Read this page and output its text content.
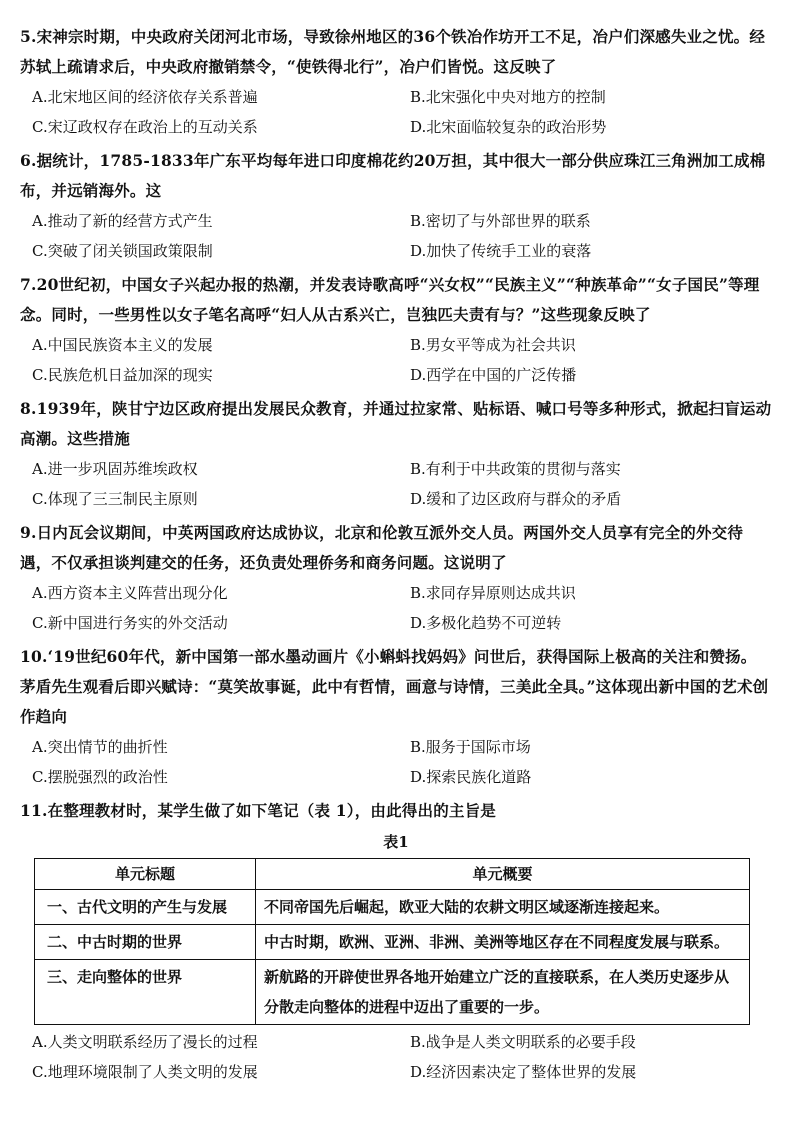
5.宋神宗时期，中央政府关闭河北市场，导致徐州地区的36个铁冶作坊开工不足，冶户们深感失业之忧。经苏轼上疏请求后，中央政府撤销禁令，“使铁得北行”，冶户们皆悦。这反映了
A.北宋地区间的经济依存关系普遍	B.北宋强化中央对地方的控制
C.宋辽政权存在政治上的互动关系	D.北宋面临较复杂的政治形势
6.据统计，1785-1833年广东平均每年进口印度棉花约20万担，其中很大一部分供应珠江三角洲加工成棉布，并远销海外。这
A.推动了新的经营方式产生	B.密切了与外部世界的联系
C.突破了闭关锁国政策限制	D.加快了传统手工业的衰落
7.20世纪初，中国女子兴起办报的热潮，并发表诗歌高呼“兴女权”“民族主义”“种族革命”“女子国民”等理念。同时，一些男性以女子笔名高呼“妇人从古系兴亡，岂独匹夫责有与？”这些现象反映了
A.中国民族资本主义的发展	B.男女平等成为社会共识
C.民族危机日益加深的现实	D.西学在中国的广泛传播
8.1939年，陕甘宁边区政府提出发展民众教育，并通过拉家常、贴标语、喊口号等多种形式，掀起扫盲运动高潮。这些措施
A.进一步巩固苏维埃政权	B.有利于中共政策的贯彻与落实
C.体现了三三制民主原则	D.缓和了边区政府与群众的矛盾
9.日内瓦会议期间，中英两国政府达成协议，北京和伦敦互派外交人员。两国外交人员享有完全的外交待遇，不仅承担谈判建交的任务，还负责处理侨务和商务问题。这说明了
A.西方资本主义阵营出现分化	B.求同存异原则达成共识
C.新中国进行务实的外交活动	D.多极化趋势不可逆转
10.‘19世纪60年代，新中国第一部水墨动画片《小蝌蚪找妈妈》问世后，获得国际上极高的关注和赞扬。茅盾先生观看后即兴赋诗：“莫笑故事诞，此中有哲情，画意与诗情，三美此全具。”这体现出新中国的艺术创作趋向
A.突出情节的曲折性	B.服务于国际市场
C.摆脱强烈的政治性	D.探索民族化道路
11.在整理教材时，某学生做了如下笔记（表 1），由此得出的主旨是
表1
单元标题	单元概要
一、古代文明的产生与发展	不同帝国先后崛起，欧亚大陆的农耕文明区域逐渐连接起来。
二、中古时期的世界	中古时期，欧洲、亚洲、非洲、美洲等地区存在不同程度发展与联系。
三、走向整体的世界	新航路的开辟使世界各地开始建立广泛的直接联系，在人类历史逐步从分散走向整体的进程中迈出了重要的一步。
A.人类文明联系经历了漫长的过程	B.战争是人类文明联系的必要手段
C.地理环境限制了人类文明的发展	D.经济因素决定了整体世界的发展
